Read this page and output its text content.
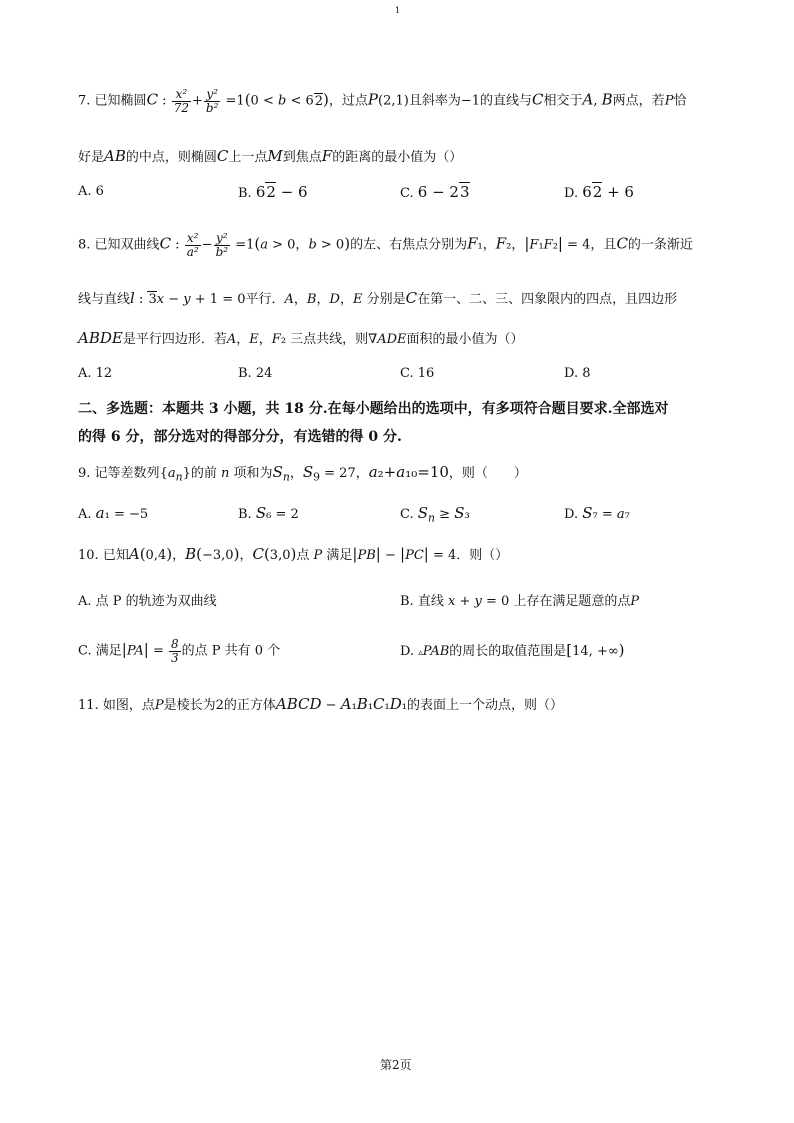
1
7. 已知椭圆C : $\frac{\text{x²}}{72} + \frac{\text{y²}}{\text{b²}} =1(0 < b < 62)$，过点P(2,1)且斜率为−1的直线与C相交于A, B两点，若P恰
好是AB的中点，则椭圆C上一点M到焦点F的距离的最小值为（）
A. 6	B. 62 − 6	C. 6 − 23	D. 62 + 6
8. 已知双曲线C : $\frac{\text{x²}}{\text{a²}} - \frac{\text{y²}}{\text{b²}} =1(a > 0$，b > 0)的左、右焦点分别为F₁，F₂，|F₁F₂| = 4，且C的一条渐近
线与直线l : 3x − y + 1 = 0平行．A，B，D，E 分别是C在第一、二、三、四象限内的四点，且四边形
ABDE是平行四边形．若A，E，F₂ 三点共线，则∇ADE面积的最小值为（）
A. 12	B. 24	C. 16	D. 8
二、多选题：本题共 3 小题，共 18 分.在每小题给出的选项中，有多项符合题目要求.全部选对
的得 6 分，部分选对的得部分分，有选错的得 0 分.
9. 记等差数列$\{a_n\}$的前 n 项和为$S_n$，$S_9 = 27$，a₂+a₁₀=10，则（　　）
A. a₁ = −5	B. S₆ = 2	C. $S_n \ge S_3$	D. S₇ = a₇
10. 已知A(0,4)，B(−3,0)，C(3,0)点 P 满足|PB| − |PC| = 4．则（）
A. 点 P 的轨迹为双曲线	B. 直线 x + y = 0 上存在满足题意的点P
C. 满足$|PA| = \frac{8}{3}$ 的点 P 共有 0 个	D. ▵PAB的周长的取值范围是[14, +∞)
11. 如图，点P是棱长为2的正方体ABCD − A₁B₁C₁D₁的表面上一个动点，则（）
第2页
